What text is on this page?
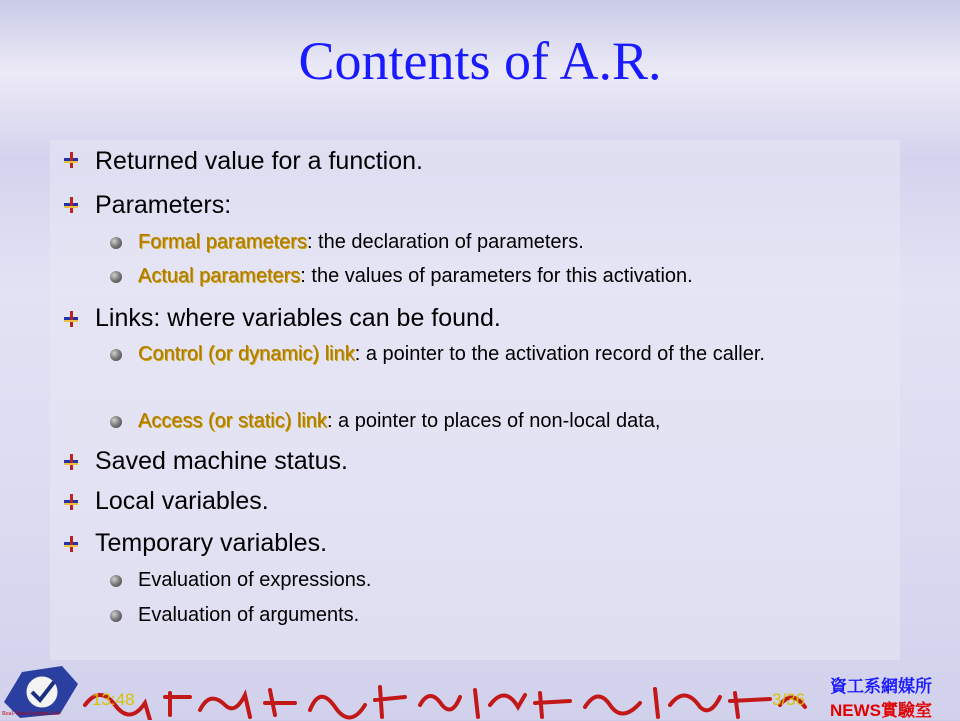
Contents of A.R.
Returned value for a function.
Parameters:
Formal parameters: the declaration of parameters.
Actual parameters: the values of parameters for this activation.
Links: where variables can be found.
Control (or dynamic) link: a pointer to the activation record of the caller.
Access (or static) link: a pointer to places of non-local data,
Saved machine status.
Local variables.
Temporary variables.
Evaluation of expressions.
Evaluation of arguments.
Real-Time Systems Lab
13:48	3/36
資工系網媒所
NEWS實驗室
